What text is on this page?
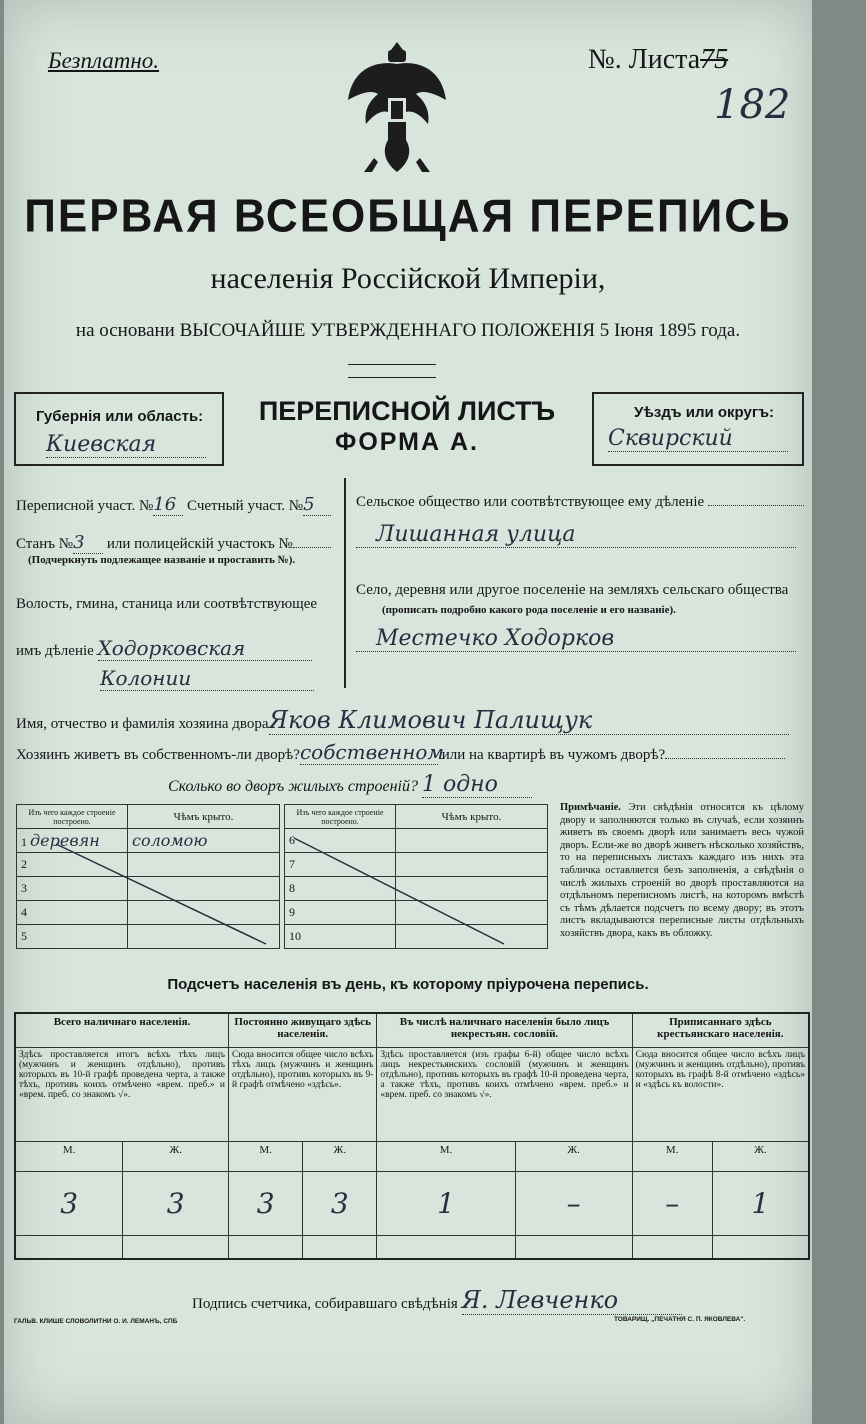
Безплатно.	№. Листа75
182
ПЕРВАЯ ВСЕОБЩАЯ ПЕРЕПИСЬ
населенія Россійской Имперіи,
на основани ВЫСОЧАЙШЕ УТВЕРЖДЕННАГО ПОЛОЖЕНІЯ 5 Іюня 1895 года.
Губернія или область:
Киевская
ПЕРЕПИСНОЙ ЛИСТЪ
ФОРМА А.
Уѣздъ или округъ:
Сквирский
Переписной участ. №16 Счетный участ. №5
Станъ №3 или полицейскій участокъ №
(Подчеркнуть подлежащее названіе и проставить №).
Волость, гмина, станица или соотвѣтствующее
имъ дѣленіе Ходорковская
Колонии
Сельское общество или соотвѣтствующее ему дѣленіе
Лишанная улица
Село, деревня или другое поселеніе на земляхъ сельскаго общества
(прописать подробно какого рода поселеніе и его названіе).
Местечко Ходорков
Имя, отчество и фамилія хозяина двораЯков Климович Палищук
Хозяинъ живетъ въ собственномъ-ли дворѣ?собственном или на квартирѣ въ чужомъ дворѣ?
Сколько во дворъ жилыхъ строеній? 1 одно
Изъ чего каждое строеніе построено.	Чѣмъ крыто.
1 деревян	соломою
2	
3	
4	
5	
Изъ чего каждое строеніе построено.	Чѣмъ крыто.
6	
7	
8	
9	
10	
Примѣчаніе. Эти свѣдѣнія относятся къ цѣлому двору и заполняются только въ случаѣ, если хозяинъ живетъ въ своемъ дворѣ или занимаетъ весь чужой дворъ. Если-же во дворѣ живетъ нѣсколько хозяйствъ, то на переписныхъ листахъ каждаго изъ нихъ эта табличка оставляется безъ заполненія, а свѣдѣнія о числѣ жилыхъ строеній во дворѣ проставляются на отдѣльномъ переписномъ листѣ, на которомъ вмѣстѣ съ тѣмъ дѣлается подсчетъ по всему двору; въ этотъ листъ вкладываются переписные листы отдѣльныхъ хозяйствъ двора, какъ въ обложку.
Подсчетъ населенія въ день, къ которому пріурочена перепись.
Всего наличнаго населенія.		Постоянно живущаго здѣсь населенія.		Въ числѣ наличнаго населенія было лицъ некрестьян. сословій.		Приписаннаго здѣсь крестьянскаго населенія.	
Здѣсь проставляется итогъ всѣхъ тѣхъ лицъ (мужчинъ и женщинъ отдѣльно), противъ которыхъ въ 10-й графѣ проведена черта, а также тѣхъ, противъ коихъ отмѣчено «врем. преб.» и «врем. преб. со знакомъ √».		Сюда вносится общее число всѣхъ тѣхъ лицъ (мужчинъ и женщинъ отдѣльно), противъ которыхъ въ 9-й графѣ отмѣчено «здѣсь».		Здѣсь проставляется (изъ графы 6-й) общее число всѣхъ лицъ некрестьянскихъ сословій (мужчинъ и женщинъ отдѣльно), противъ которыхъ въ графѣ 10-й проведена черта, а также тѣхъ, противъ коихъ отмѣчено «врем. преб.» и «врем. преб. со знакомъ √».		Сюда вносится общее число всѣхъ лицъ (мужчинъ и женщинъ отдѣльно), противъ которыхъ въ графѣ 8-й отмѣчено «здѣсь» и «здѣсь къ волости».	
М.	Ж.	М.	Ж.	М.	Ж.	М.	Ж.
3	3	3	3	1	–	–	1

Подпись счетчика, собиравшаго свѣдѣнія Я. Левченко
ГАЛЬВ. КЛИШЕ СЛОВОЛИТНИ О. И. ЛЕМАНЪ, СПБ	ТОВАРИЩ. „ПЕЧАТНЯ С. П. ЯКОВЛЕВА".
